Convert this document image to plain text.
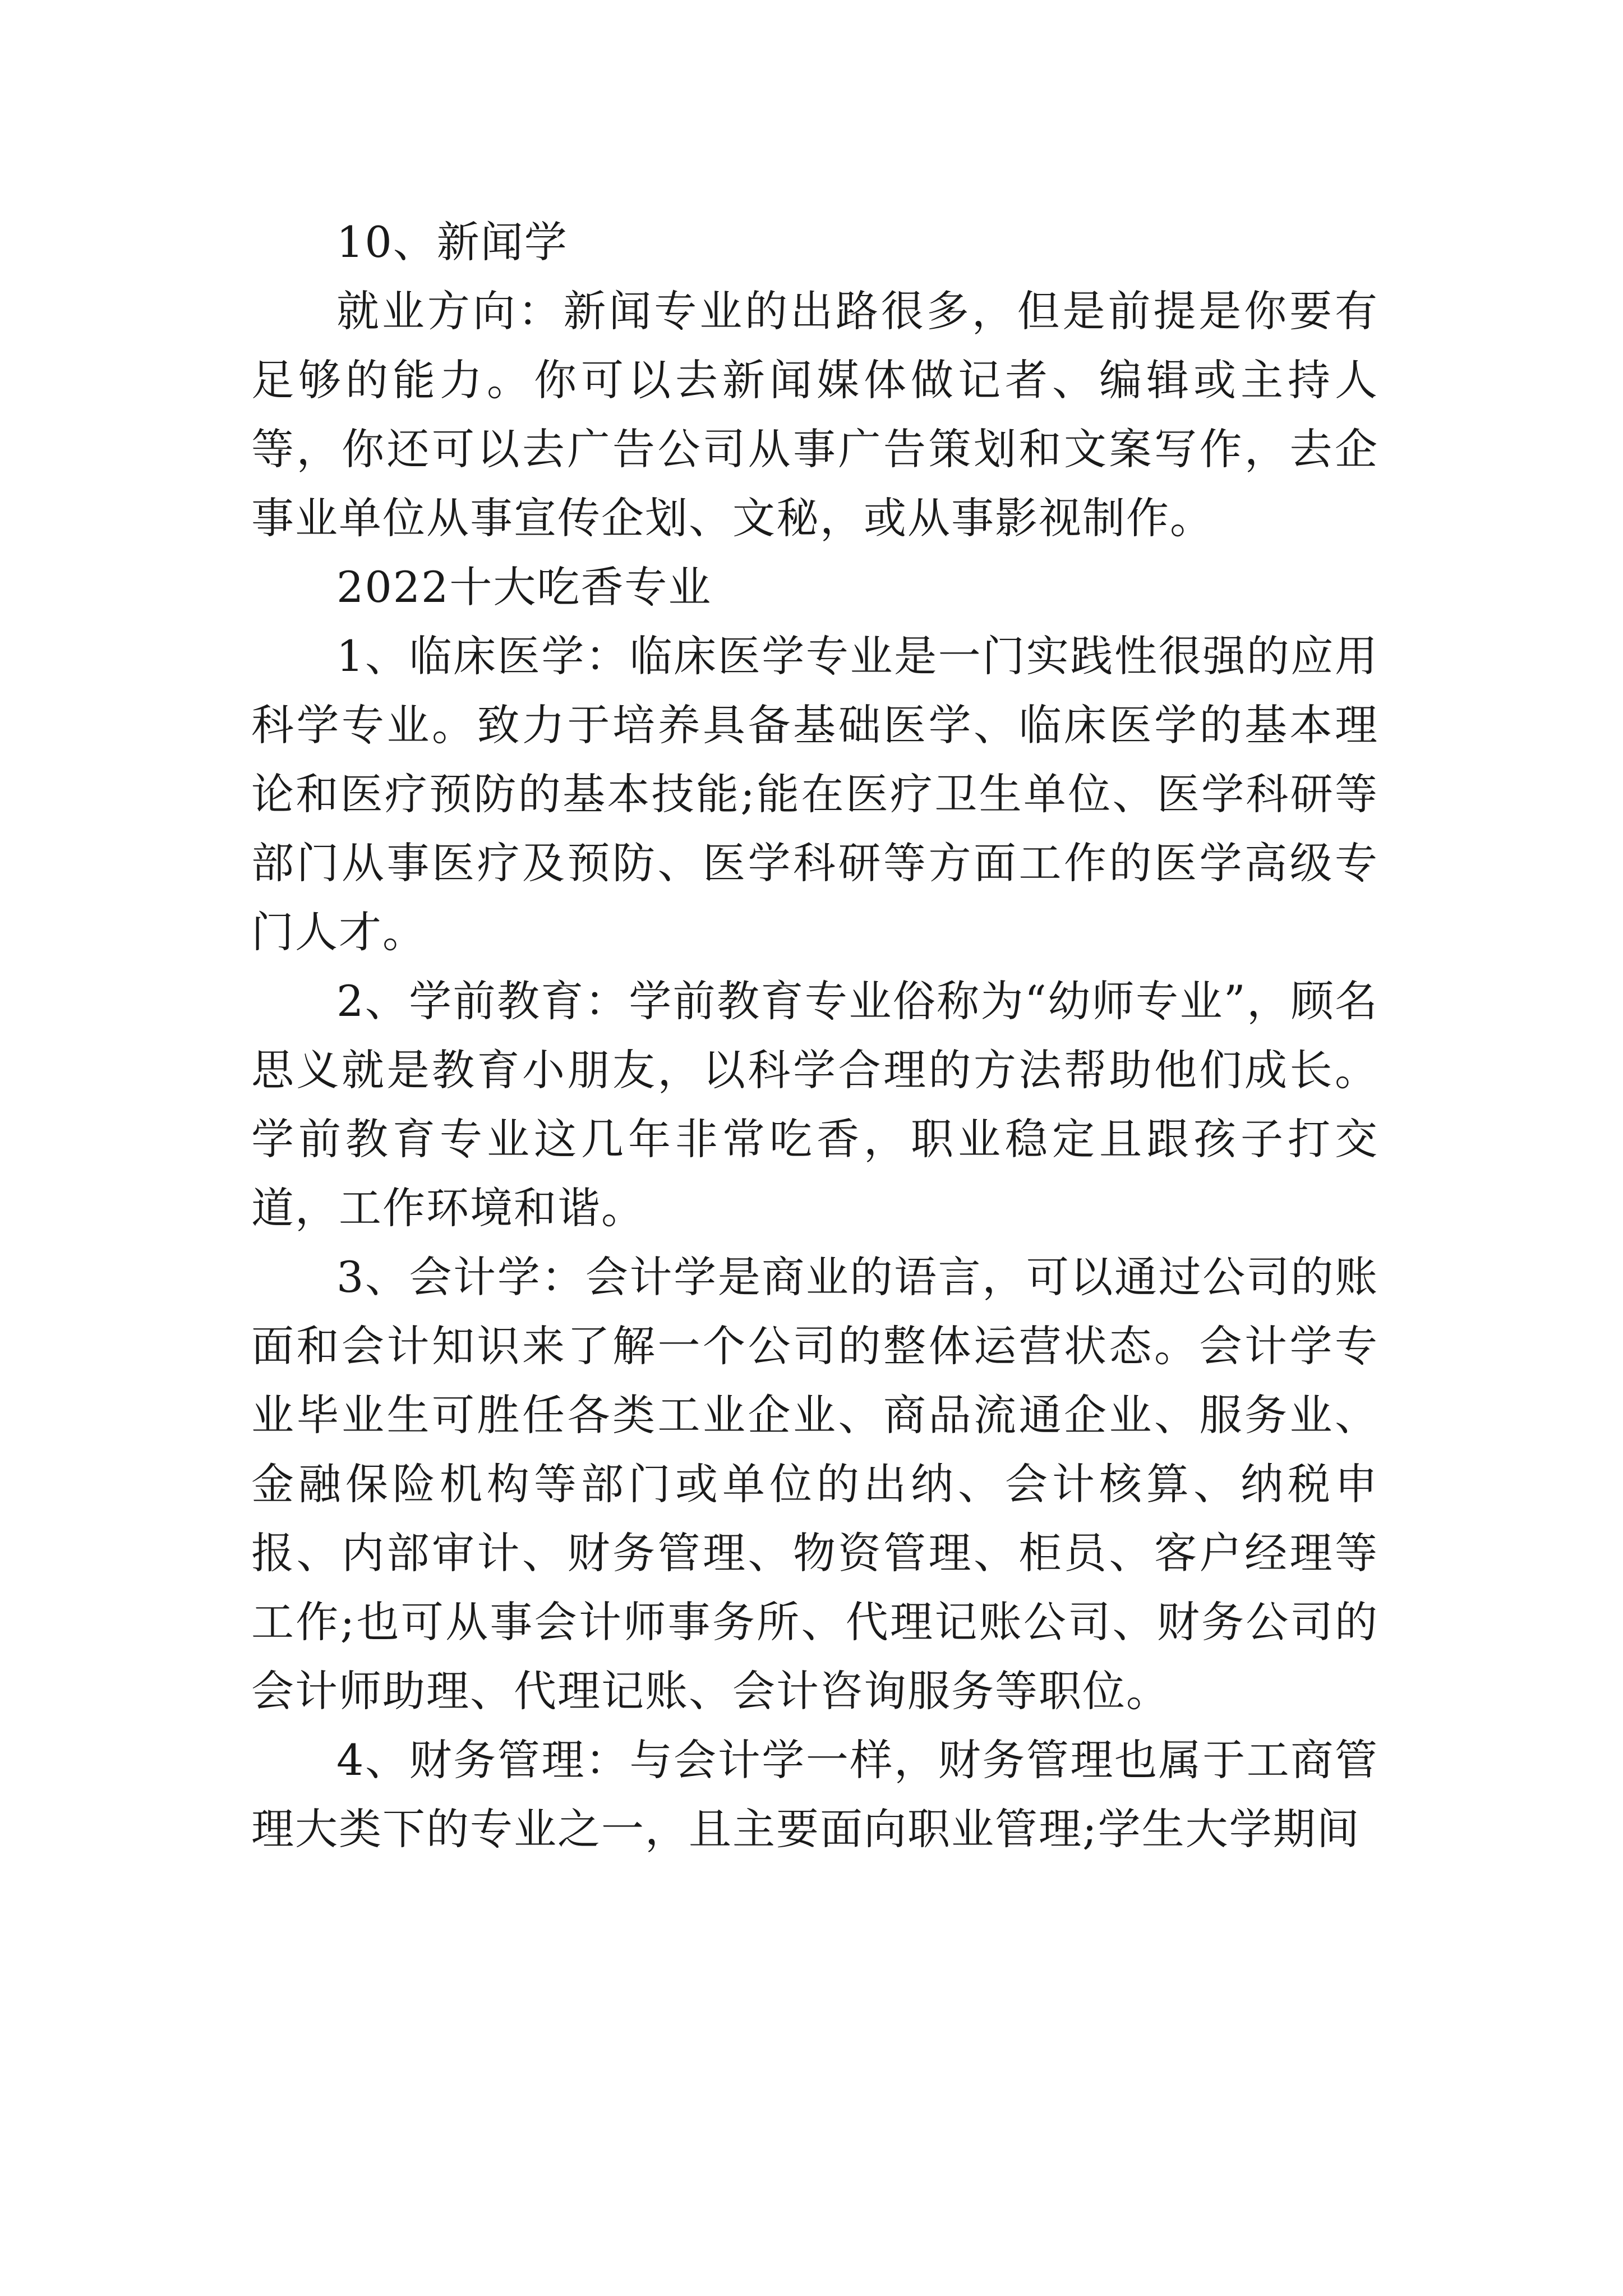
10、新闻学

就业方向：新闻专业的出路很多，但是前提是你要有足够的能力。你可以去新闻媒体做记者、编辑或主持人等，你还可以去广告公司从事广告策划和文案写作，去企事业单位从事宣传企划、文秘，或从事影视制作。

2022十大吃香专业

1、临床医学：临床医学专业是一门实践性很强的应用科学专业。致力于培养具备基础医学、临床医学的基本理论和医疗预防的基本技能;能在医疗卫生单位、医学科研等部门从事医疗及预防、医学科研等方面工作的医学高级专门人才。

2、学前教育：学前教育专业俗称为“幼师专业”，顾名思义就是教育小朋友，以科学合理的方法帮助他们成长。学前教育专业这几年非常吃香，职业稳定且跟孩子打交道，工作环境和谐。

3、会计学：会计学是商业的语言，可以通过公司的账面和会计知识来了解一个公司的整体运营状态。会计学专业毕业生可胜任各类工业企业、商品流通企业、服务业、金融保险机构等部门或单位的出纳、会计核算、纳税申报、内部审计、财务管理、物资管理、柜员、客户经理等工作;也可从事会计师事务所、代理记账公司、财务公司的会计师助理、代理记账、会计咨询服务等职位。

4、财务管理：与会计学一样，财务管理也属于工商管理大类下的专业之一，且主要面向职业管理;学生大学期间
